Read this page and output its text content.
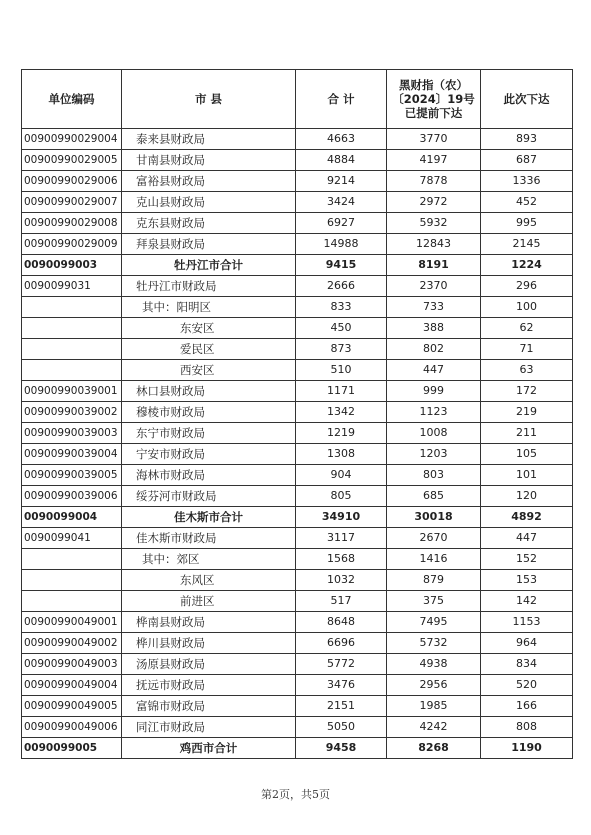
单位编码	市 县	合 计	黑财指（农）〔2024〕19号已提前下达	此次下达
00900990029004	泰来县财政局	4663	3770	893
00900990029005	甘南县财政局	4884	4197	687
00900990029006	富裕县财政局	9214	7878	1336
00900990029007	克山县财政局	3424	2972	452
00900990029008	克东县财政局	6927	5932	995
00900990029009	拜泉县财政局	14988	12843	2145
0090099003	牡丹江市合计	9415	8191	1224
0090099031	牡丹江市财政局	2666	2370	296
	其中：阳明区	833	733	100
	东安区	450	388	62
	爱民区	873	802	71
	西安区	510	447	63
00900990039001	林口县财政局	1171	999	172
00900990039002	穆棱市财政局	1342	1123	219
00900990039003	东宁市财政局	1219	1008	211
00900990039004	宁安市财政局	1308	1203	105
00900990039005	海林市财政局	904	803	101
00900990039006	绥芬河市财政局	805	685	120
0090099004	佳木斯市合计	34910	30018	4892
0090099041	佳木斯市财政局	3117	2670	447
	其中：郊区	1568	1416	152
	东风区	1032	879	153
	前进区	517	375	142
00900990049001	桦南县财政局	8648	7495	1153
00900990049002	桦川县财政局	6696	5732	964
00900990049003	汤原县财政局	5772	4938	834
00900990049004	抚远市财政局	3476	2956	520
00900990049005	富锦市财政局	2151	1985	166
00900990049006	同江市财政局	5050	4242	808
0090099005	鸡西市合计	9458	8268	1190
第2页，共5页
